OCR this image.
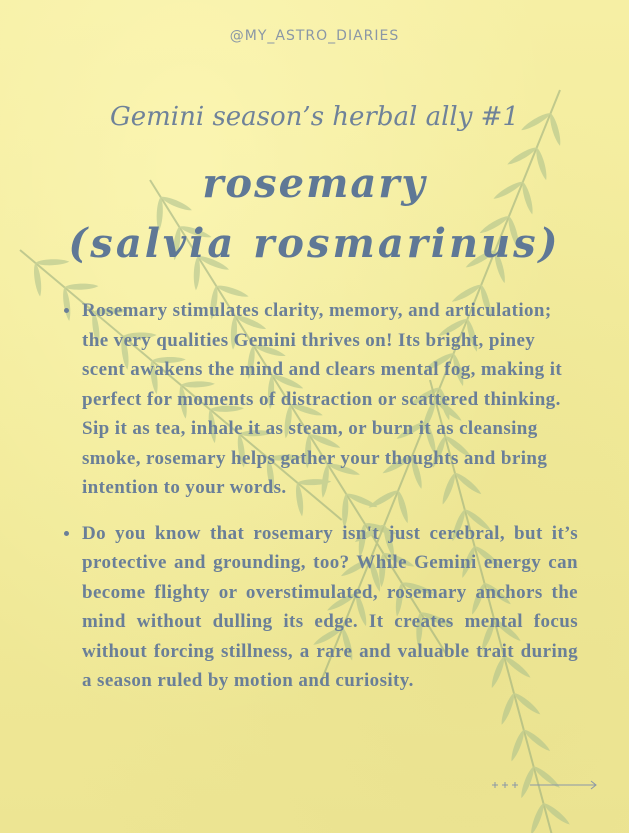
@MY_ASTRO_DIARIES
Gemini season’s herbal ally #1
rosemary
(salvia rosmarinus)
Rosemary stimulates clarity, memory, and articulation; the very qualities Gemini thrives on! Its bright, piney scent awakens the mind and clears mental fog, making it perfect for moments of distraction or scattered thinking. Sip it as tea, inhale it as steam, or burn it as cleansing smoke, rosemary helps gather your thoughts and bring intention to your words.
Do you know that rosemary isn't just cerebral, but it’s protective and grounding, too? While Gemini energy can become flighty or overstimulated, rosemary anchors the mind without dulling its edge. It creates mental focus without forcing stillness, a rare and valuable trait during a season ruled by motion and curiosity.
